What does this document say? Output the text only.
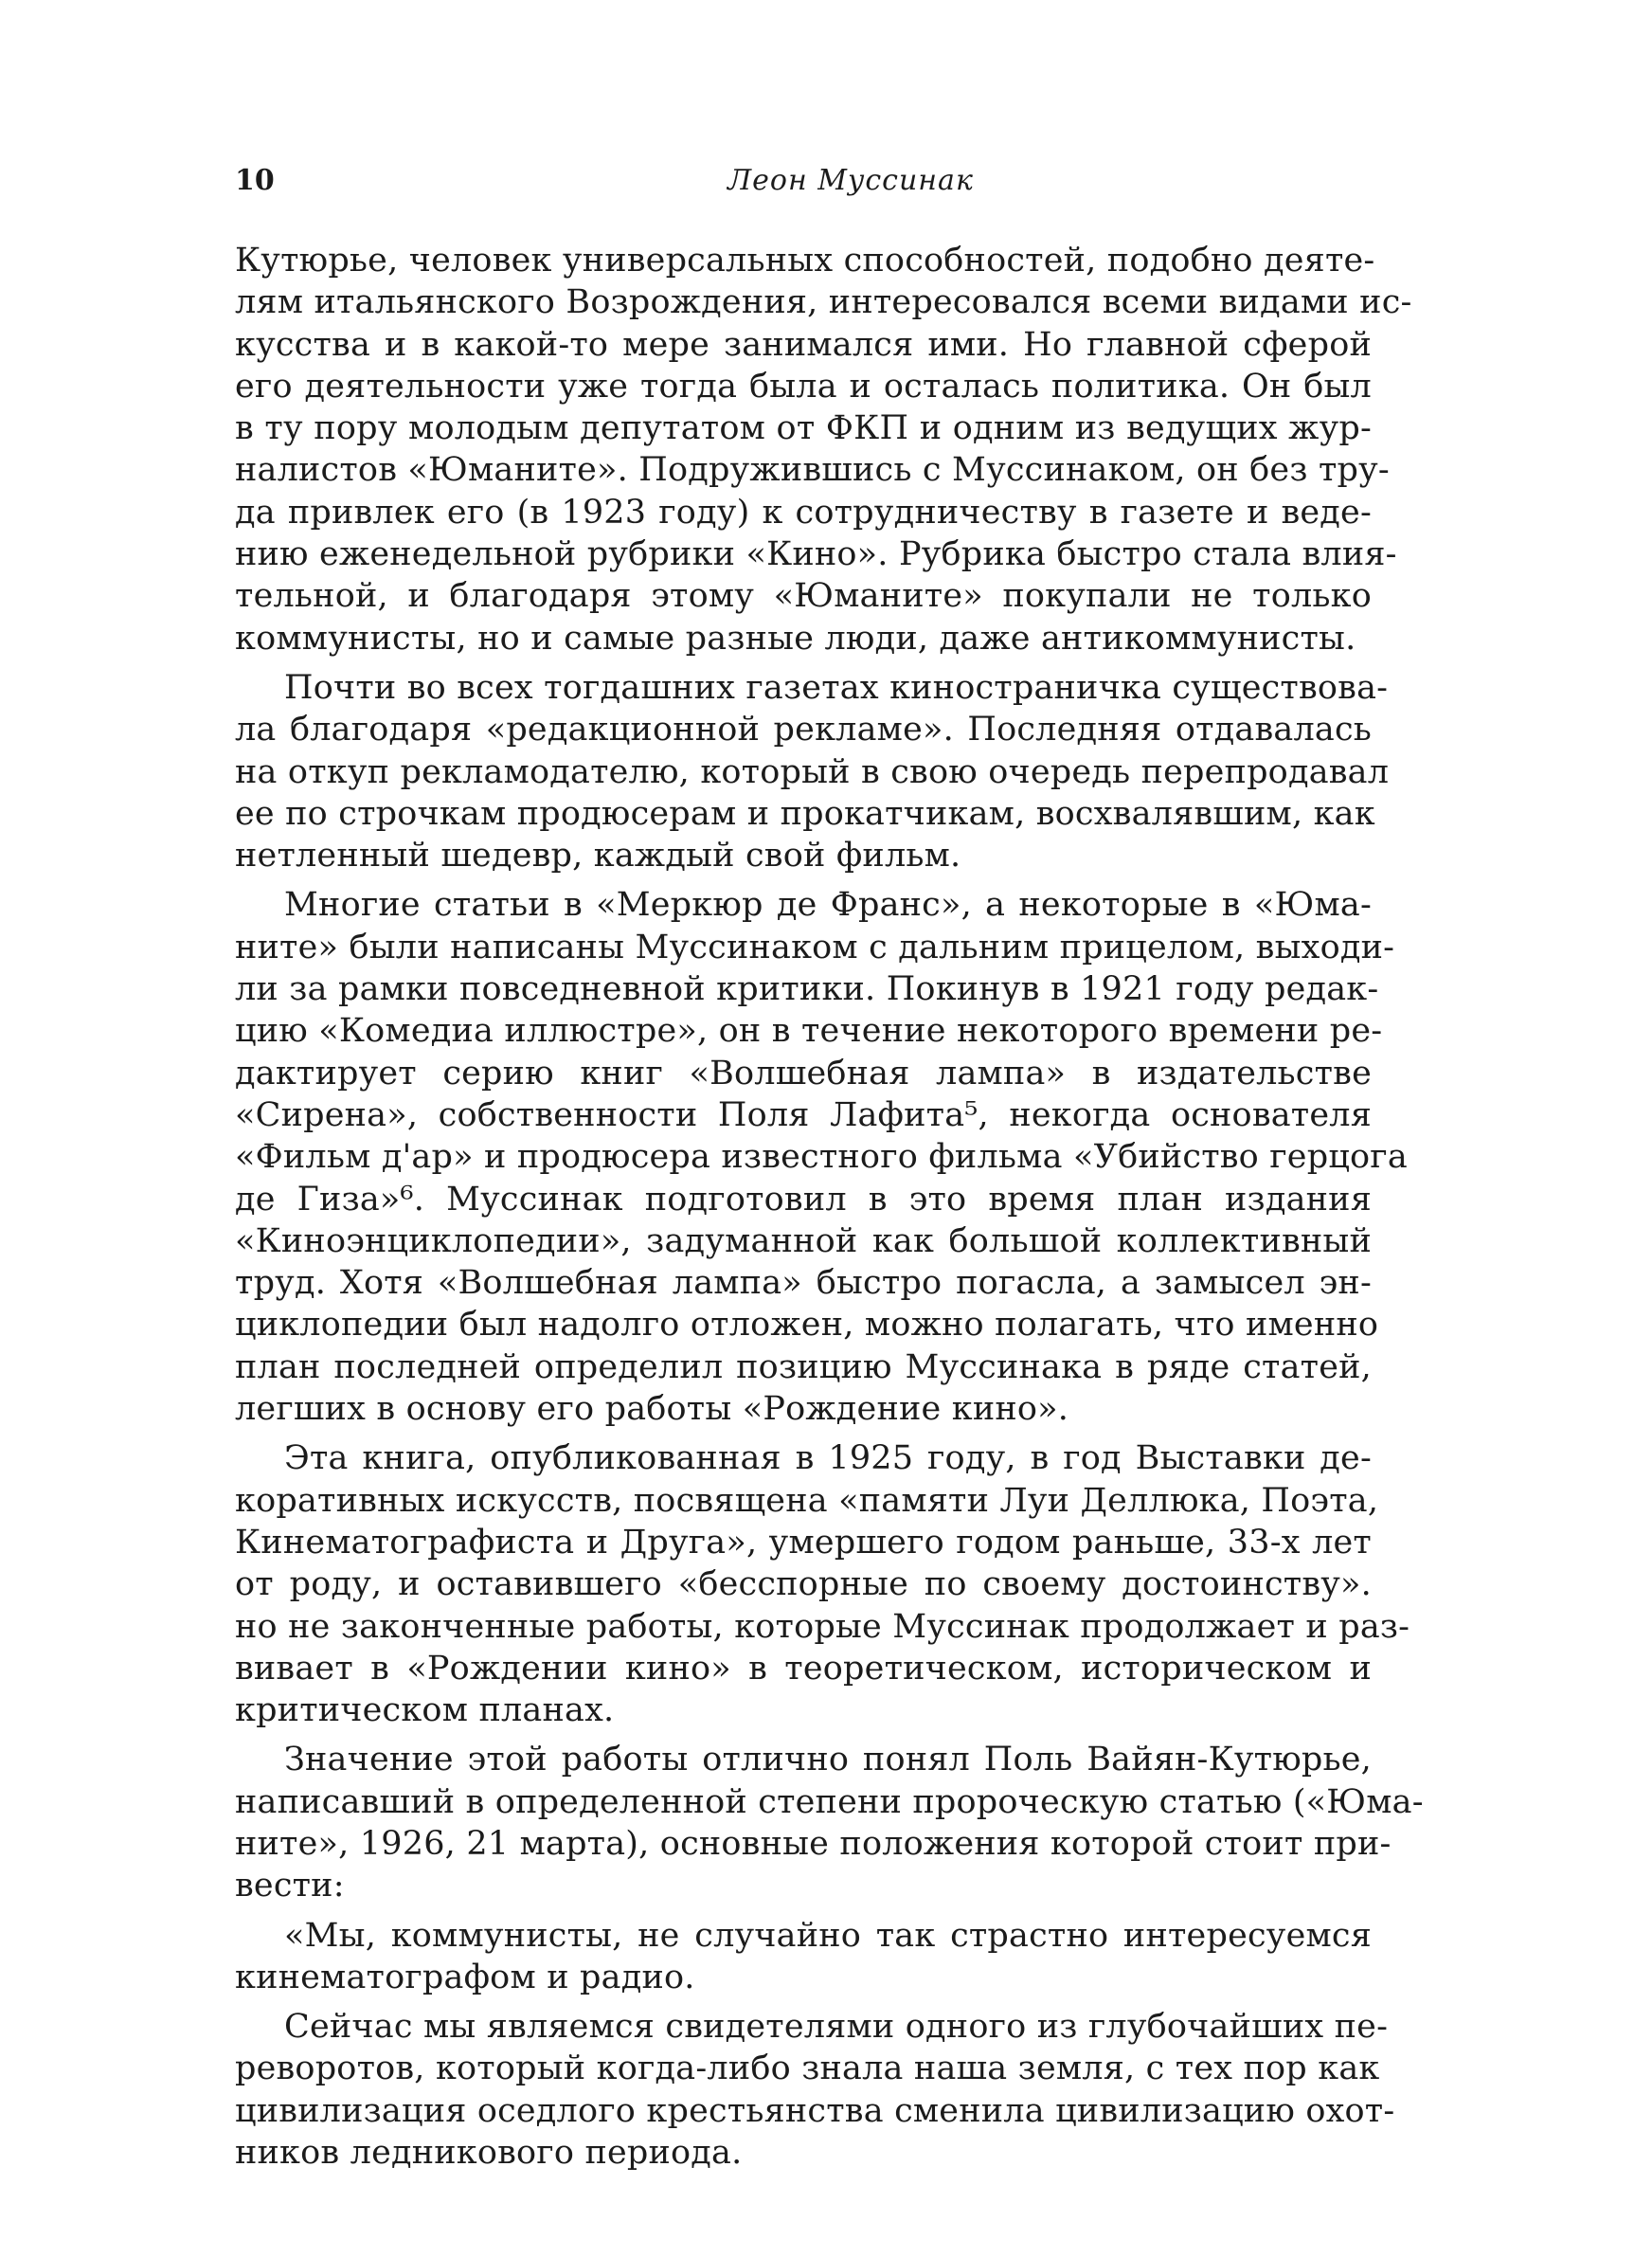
10	Леон Муссинак
Кутюрье, человек универсальных способностей, подобно деяте-
лям итальянского Возрождения, интересовался всеми видами ис-
кусства и в какой-то мере занимался ими. Но главной сферой
его деятельности уже тогда была и осталась политика. Он был
в ту пору молодым депутатом от ФКП и одним из ведущих жур-
налистов «Юманите». Подружившись с Муссинаком, он без тру-
да привлек его (в 1923 году) к сотрудничеству в газете и веде-
нию еженедельной рубрики «Кино». Рубрика быстро стала влия-
тельной, и благодаря этому «Юманите» покупали не только
коммунисты, но и самые разные люди, даже антикоммунисты.
Почти во всех тогдашних газетах киностраничка существова-
ла благодаря «редакционной рекламе». Последняя отдавалась
на откуп рекламодателю, который в свою очередь перепродавал
ее по строчкам продюсерам и прокатчикам, восхвалявшим, как
нетленный шедевр, каждый свой фильм.
Многие статьи в «Меркюр де Франс», а некоторые в «Юма-
ните» были написаны Муссинаком с дальним прицелом, выходи-
ли за рамки повседневной критики. Покинув в 1921 году редак-
цию «Комедиа иллюстре», он в течение некоторого времени ре-
дактирует серию книг «Волшебная лампа» в издательстве
«Сирена», собственности Поля Лафита⁵, некогда основателя
«Фильм д'ар» и продюсера известного фильма «Убийство герцога
де Гиза»⁶. Муссинак подготовил в это время план издания
«Киноэнциклопедии», задуманной как большой коллективный
труд. Хотя «Волшебная лампа» быстро погасла, а замысел эн-
циклопедии был надолго отложен, можно полагать, что именно
план последней определил позицию Муссинака в ряде статей,
легших в основу его работы «Рождение кино».
Эта книга, опубликованная в 1925 году, в год Выставки де-
коративных искусств, посвящена «памяти Луи Деллюка, Поэта,
Кинематографиста и Друга», умершего годом раньше, 33-х лет
от роду, и оставившего «бесспорные по своему достоинству».
но не законченные работы, которые Муссинак продолжает и раз-
вивает в «Рождении кино» в теоретическом, историческом и
критическом планах.
Значение этой работы отлично понял Поль Вайян-Кутюрье,
написавший в определенной степени пророческую статью («Юма-
ните», 1926, 21 марта), основные положения которой стоит при-
вести:
«Мы, коммунисты, не случайно так страстно интересуемся
кинематографом и радио.
Сейчас мы являемся свидетелями одного из глубочайших пе-
реворотов, который когда-либо знала наша земля, с тех пор как
цивилизация оседлого крестьянства сменила цивилизацию охот-
ников ледникового периода.
